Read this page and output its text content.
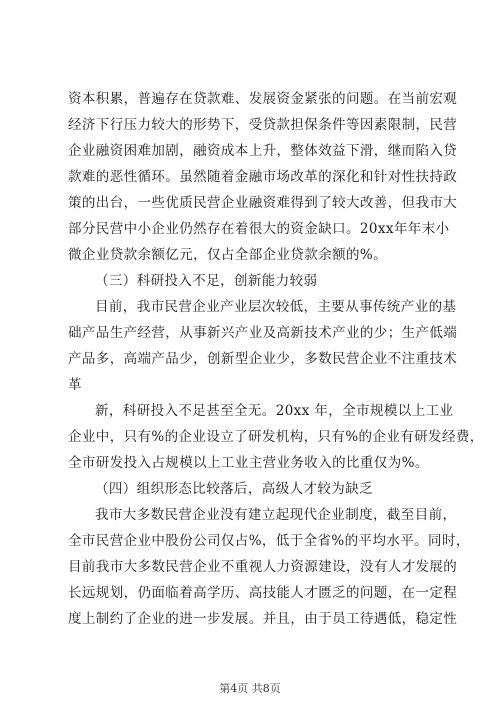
资本积累，普遍存在贷款难、发展资金紧张的问题。在当前宏观
经济下行压力较大的形势下，受贷款担保条件等因素限制，民营
企业融资困难加剧，融资成本上升，整体效益下滑，继而陷入贷
款难的恶性循环。虽然随着金融市场改革的深化和针对性扶持政
策的出台，一些优质民营企业融资难得到了较大改善，但我市大
部分民营中小企业仍然存在着很大的资金缺口。20xx年年末小
微企业贷款余额亿元，仅占全部企业贷款余额的%。
（三）科研投入不足，创新能力较弱
目前，我市民营企业产业层次较低，主要从事传统产业的基
础产品生产经营，从事新兴产业及高新技术产业的少；生产低端
产品多，高端产品少，创新型企业少，多数民营企业不注重技术
革
新，科研投入不足甚至全无。20xx 年，全市规模以上工业
企业中，只有%的企业设立了研发机构，只有%的企业有研发经费，
全市研发投入占规模以上工业主营业务收入的比重仅为%。
（四）组织形态比较落后，高级人才较为缺乏
我市大多数民营企业没有建立起现代企业制度，截至目前，
全市民营企业中股份公司仅占%，低于全省%的平均水平。同时，
目前我市大多数民营企业不重视人力资源建设，没有人才发展的
长远规划，仍面临着高学历、高技能人才匮乏的问题，在一定程
度上制约了企业的进一步发展。并且，由于员工待遇低，稳定性
第4页 共8页
